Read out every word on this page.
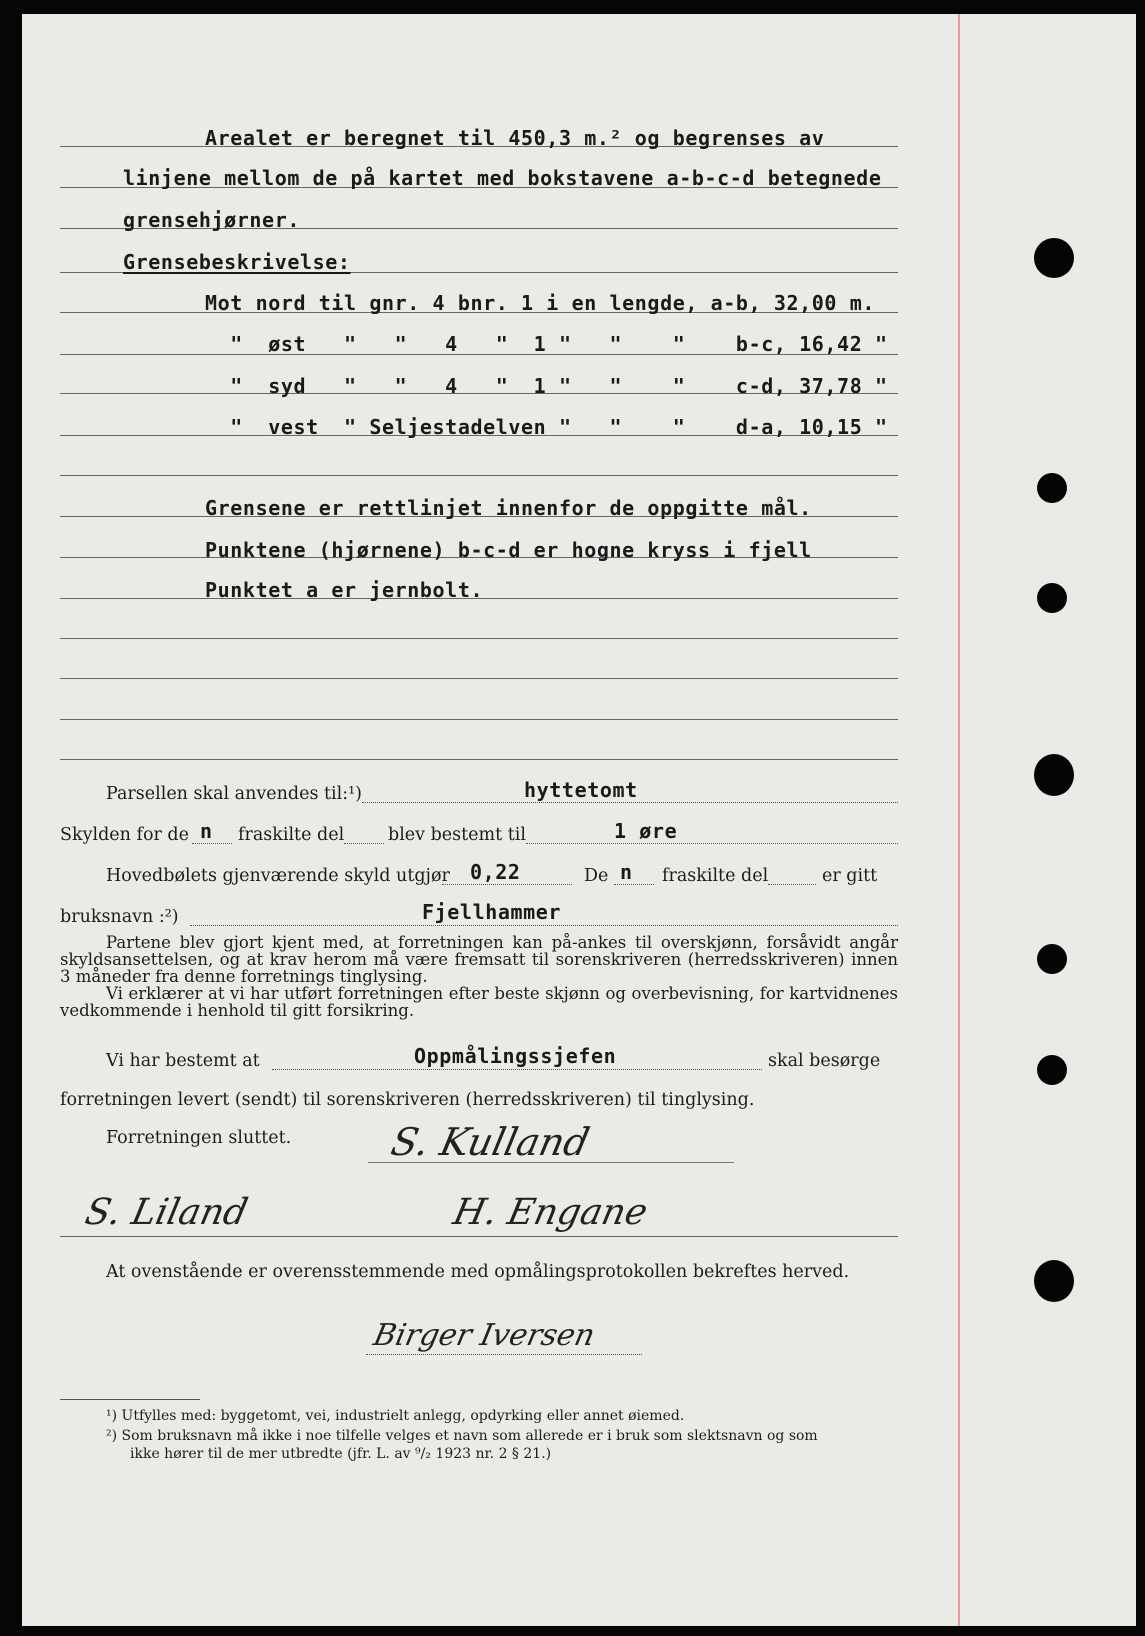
Arealet er beregnet til 450,3 m.² og begrenses av
linjene mellom de på kartet med bokstavene a-b-c-d betegnede
grensehjørner.
Grensebeskrivelse:
Mot nord til gnr. 4 bnr. 1 i en lengde, a-b, 32,00 m.
"  øst   "   "   4   "  1 "   "    "    b-c, 16,42 "
"  syd   "   "   4   "  1 "   "    "    c-d, 37,78 "
"  vest  " Seljestadelven "   "    "    d-a, 10,15 "
Grensene er rettlinjet innenfor de oppgitte mål.
Punktene (hjørnene) b-c-d er hogne kryss i fjell
Punktet a er jernbolt.
Parsellen skal anvendes til:¹)	hyttetomt
Skylden for de n fraskilte del	blev bestemt til	1 øre
Hovedbølets gjenværende skyld utgjør 0,22	De n fraskilte del	er gitt
bruksnavn :²)	Fjellhammer

Partene blev gjort kjent med, at forretningen kan på-ankes til overskjønn, forsåvidt angår skyldsansettelsen, og at krav herom må være fremsatt til sorenskriveren (herredsskriveren) innen 3 måneder fra denne forretnings tinglysing.

Vi erklærer at vi har utført forretningen efter beste skjønn og overbevisning, for kartvidnenes vedkommende i henhold til gitt forsikring.

Vi har bestemt at	Oppmålingssjefen	skal besørge
forretningen levert (sendt) til sorenskriveren (herredsskriveren) til tinglysing.
Forretningen sluttet.	S. Kulland
S. Liland	H. Engane
At ovenstående er overensstemmende med opmålingsprotokollen bekreftes herved.
Birger Iversen
¹) Utfylles med: byggetomt, vei, industrielt anlegg, opdyrking eller annet øiemed.
²) Som bruksnavn må ikke i noe tilfelle velges et navn som allerede er i bruk som slektsnavn og som
ikke hører til de mer utbredte (jfr. L. av ⁹/₂ 1923 nr. 2 § 21.)
